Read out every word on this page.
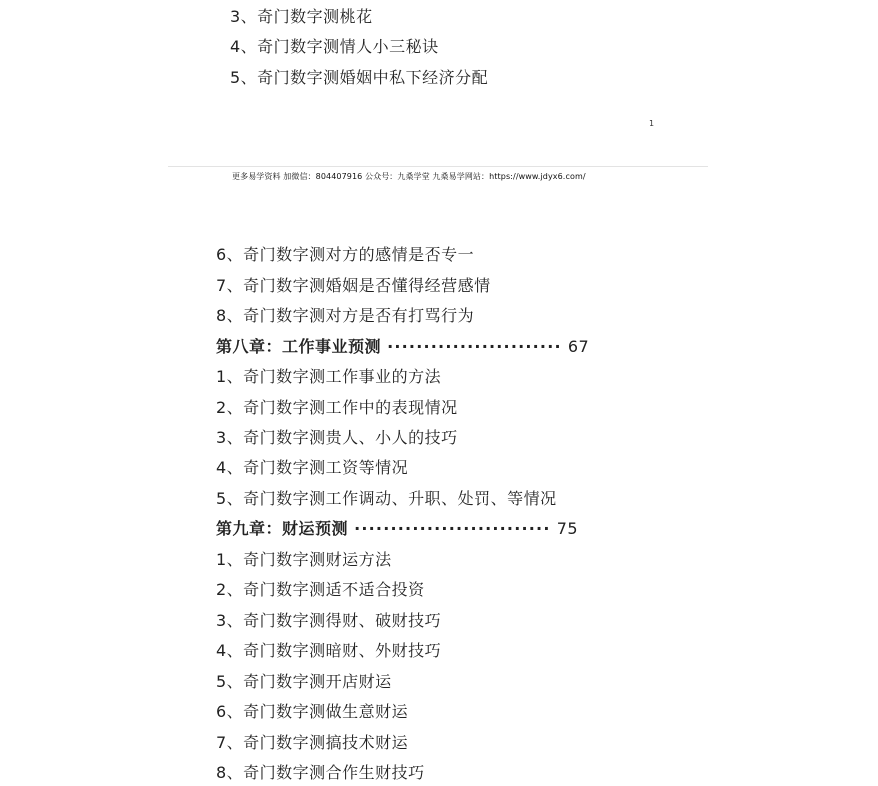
3、奇门数字测桃花
4、奇门数字测情人小三秘诀
5、奇门数字测婚姻中私下经济分配
1
更多易学资料 加微信：804407916 公众号：九桑学堂 九桑易学网站：https://www.jdyx6.com/
6、奇门数字测对方的感情是否专一
7、奇门数字测婚姻是否懂得经营感情
8、奇门数字测对方是否有打骂行为
第八章：工作事业预测 ························ 67
1、奇门数字测工作事业的方法
2、奇门数字测工作中的表现情况
3、奇门数字测贵人、小人的技巧
4、奇门数字测工资等情况
5、奇门数字测工作调动、升职、处罚、等情况
第九章：财运预测 ··························· 75
1、奇门数字测财运方法
2、奇门数字测适不适合投资
3、奇门数字测得财、破财技巧
4、奇门数字测暗财、外财技巧
5、奇门数字测开店财运
6、奇门数字测做生意财运
7、奇门数字测搞技术财运
8、奇门数字测合作生财技巧
